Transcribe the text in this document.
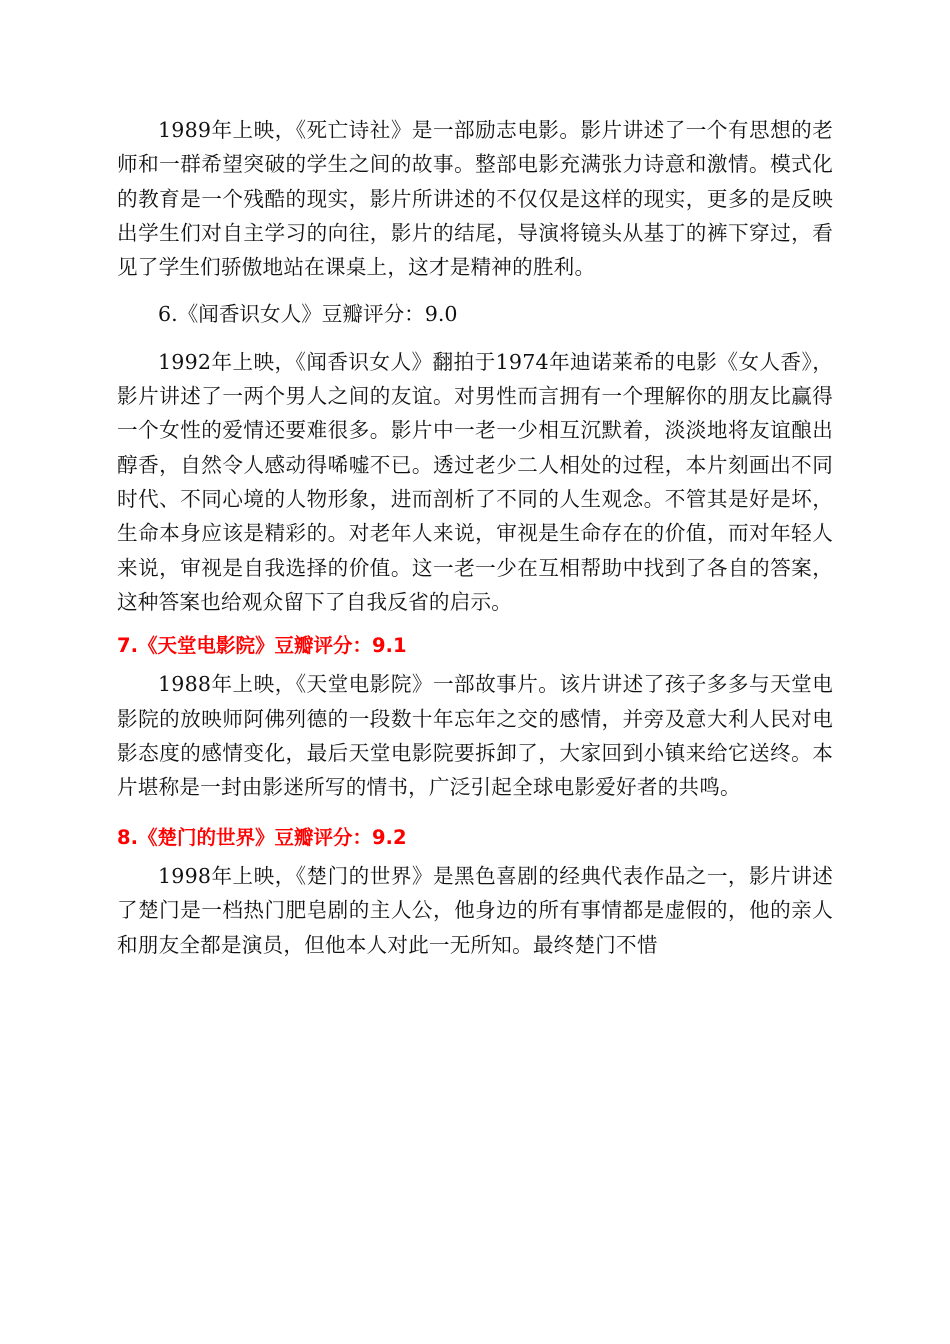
1989年上映，《死亡诗社》是一部励志电影。影片讲述了一个有思想的老师和一群希望突破的学生之间的故事。整部电影充满张力诗意和激情。模式化的教育是一个残酷的现实，影片所讲述的不仅仅是这样的现实，更多的是反映出学生们对自主学习的向往，影片的结尾，导演将镜头从基丁的裤下穿过，看见了学生们骄傲地站在课桌上，这才是精神的胜利。

6.《闻香识女人》豆瓣评分：9.0

1992年上映，《闻香识女人》翻拍于1974年迪诺莱希的电影《女人香》，影片讲述了一两个男人之间的友谊。对男性而言拥有一个理解你的朋友比赢得一个女性的爱情还要难很多。影片中一老一少相互沉默着，淡淡地将友谊酿出醇香，自然令人感动得唏嘘不已。透过老少二人相处的过程，本片刻画出不同时代、不同心境的人物形象，进而剖析了不同的人生观念。不管其是好是坏，生命本身应该是精彩的。对老年人来说，审视是生命存在的价值，而对年轻人来说，审视是自我选择的价值。这一老一少在互相帮助中找到了各自的答案，这种答案也给观众留下了自我反省的启示。

7.《天堂电影院》豆瓣评分：9.1

1988年上映，《天堂电影院》一部故事片。该片讲述了孩子多多与天堂电影院的放映师阿佛列德的一段数十年忘年之交的感情，并旁及意大利人民对电影态度的感情变化，最后天堂电影院要拆卸了，大家回到小镇来给它送终。本片堪称是一封由影迷所写的情书，广泛引起全球电影爱好者的共鸣。

8.《楚门的世界》豆瓣评分：9.2

1998年上映，《楚门的世界》是黑色喜剧的经典代表作品之一，影片讲述了楚门是一档热门肥皂剧的主人公，他身边的所有事情都是虚假的，他的亲人和朋友全都是演员，但他本人对此一无所知。最终楚门不惜
